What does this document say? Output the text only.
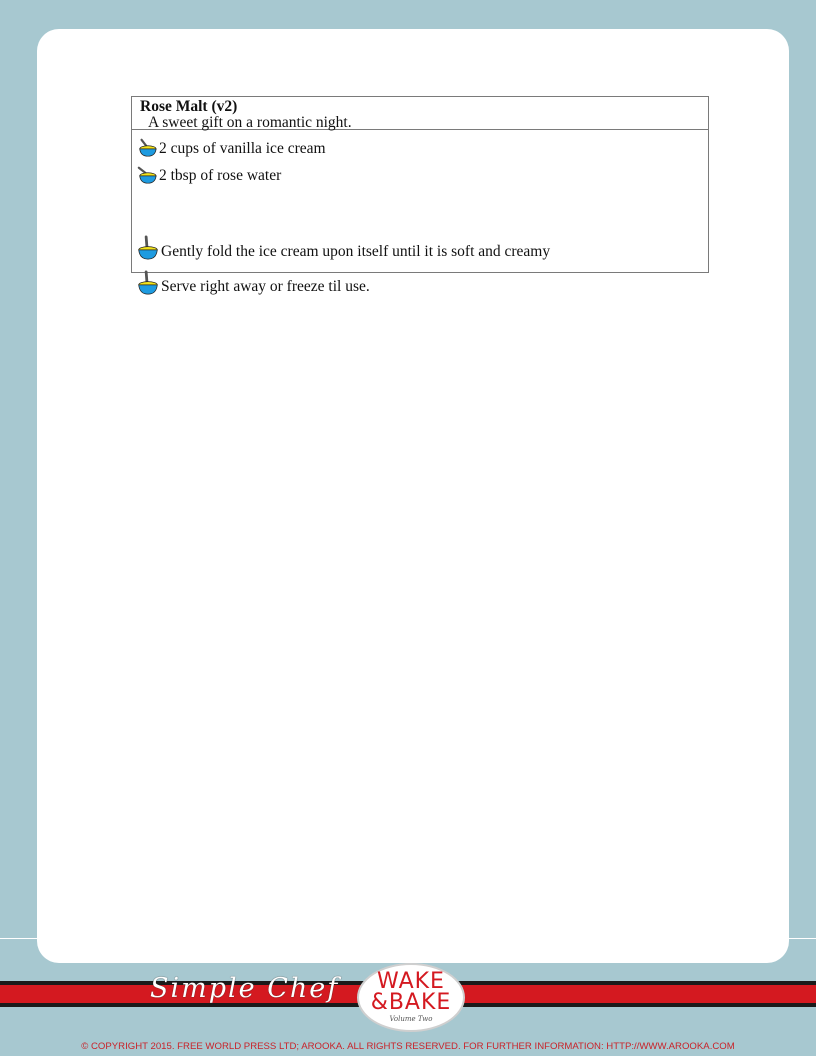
Rose Malt (v2)
A sweet gift on a romantic night.
2 cups of vanilla ice cream
2 tbsp of rose water
Gently fold the ice cream upon itself until it is soft and creamy
Serve right away or freeze til use.
Simple Chef	WAKE
&BAKE
Volume Two
© COPYRIGHT 2015. FREE WORLD PRESS LTD; AROOKA. ALL RIGHTS RESERVED. FOR FURTHER INFORMATION: HTTP://WWW.AROOKA.COM
